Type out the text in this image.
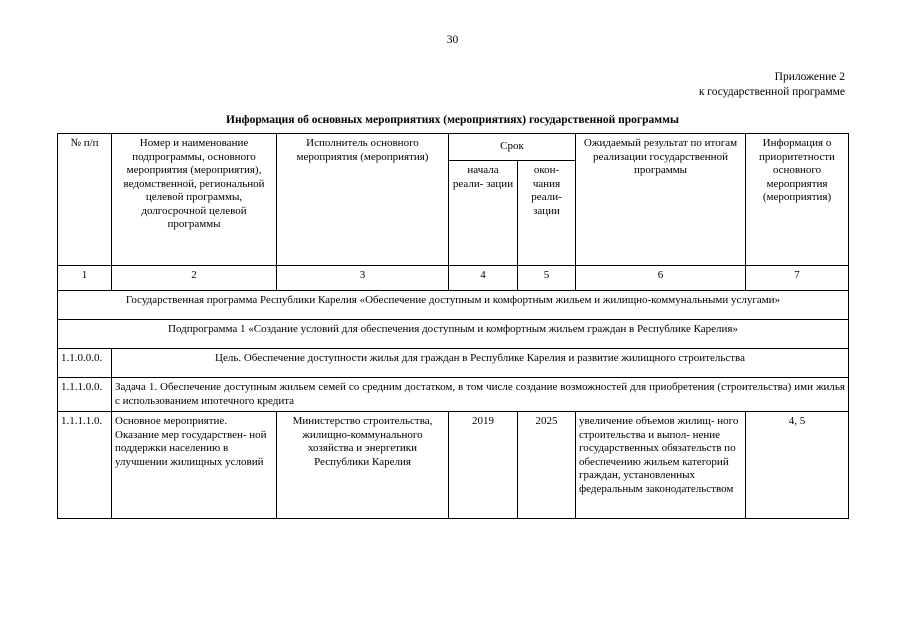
30
Приложение 2
к государственной программе
Информация об основных мероприятиях (мероприятиях) государственной программы
№ п/п	Номер и наименование подпрограммы, основного мероприятия (мероприятия), ведомственной, региональной целевой программы, долгосрочной целевой программы	Исполнитель основного мероприятия (мероприятия)	Срок		Ожидаемый результат по итогам реализации государственной программы	Информация о приоритетности основного мероприятия (мероприятия)
			начала реали- зации	окон- чания реали- зации		
1	2	3	4	5	6	7
Государственная программа Республики Карелия «Обеспечение доступным и комфортным жильем и жилищно-коммунальными услугами»						
Подпрограмма 1 «Создание условий для обеспечения доступным и комфортным жильем граждан в Республике Карелия»						
1.1.0.0.0.	Цель. Обеспечение доступности жилья для граждан в Республике Карелия и развитие жилищного строительства					
1.1.1.0.0.	Задача 1. Обеспечение доступным жильем семей со средним достатком, в том числе создание возможностей для приобретения (строительства) ими жилья с использованием ипотечного кредита					
1.1.1.1.0.	Основное мероприятие. Оказание мер государствен- ной поддержки населению в улучшении жилищных условий	Министерство строительства, жилищно-коммунального хозяйства и энергетики Республики Карелия	2019	2025	увеличение объемов жилищ- ного строительства и выпол- нение государственных обязательств по обеспечению жильем категорий граждан, установленных федеральным законодательством	4, 5
